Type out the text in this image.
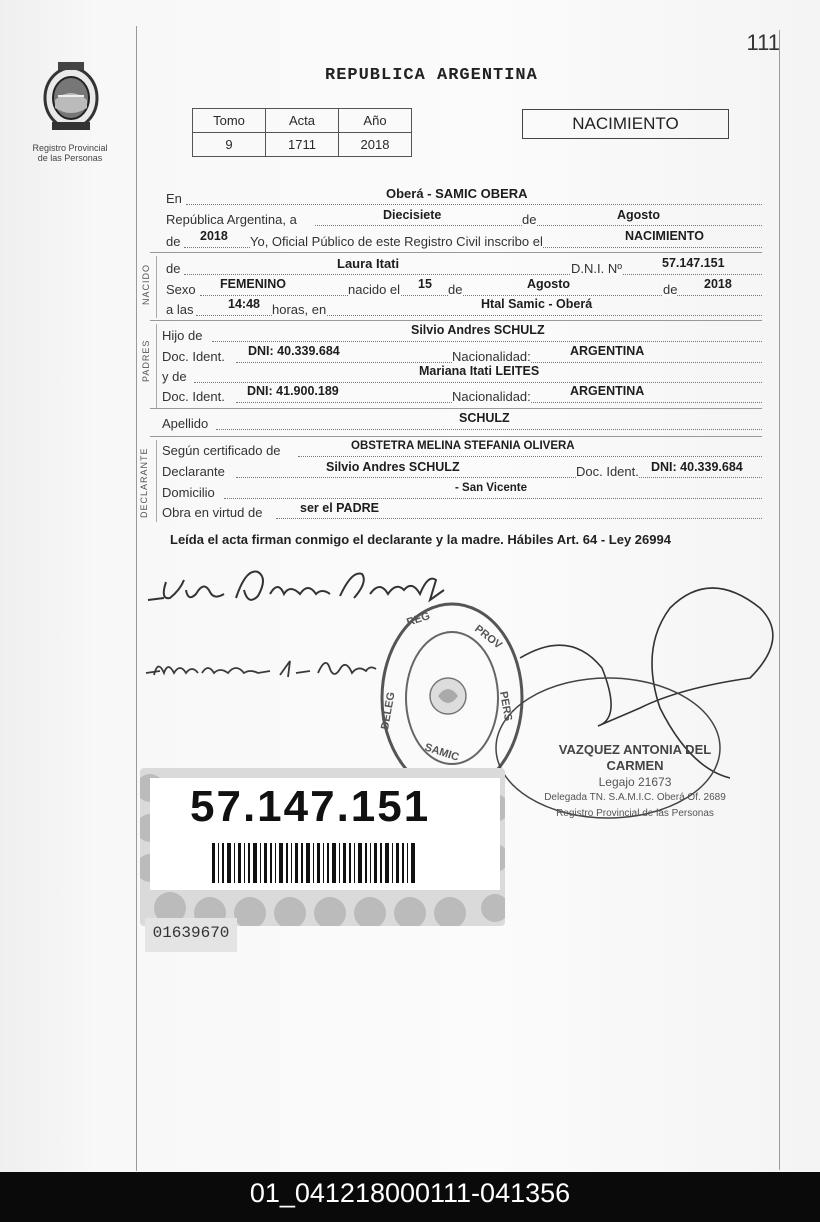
111
REPUBLICA ARGENTINA
Registro Provincial
de las Personas
Tomo	Acta	Año
9	1711	2018
NACIMIENTO
En	Oberá - SAMIC OBERA
República Argentina, a	Diecisiete	de	Agosto
de 2018 Yo, Oficial Público de este Registro Civil inscribo el	NACIMIENTO
NACIDO de	Laura Itati	D.N.I. Nº	57.147.151
Sexo FEMENINO	nacido el 15 de	Agosto	de 2018
a las	14:48 horas, en	Htal Samic - Oberá
PADRES
Hijo de	Silvio Andres SCHULZ
Doc. Ident. DNI: 40.339.684	Nacionalidad:	ARGENTINA
y de	Mariana Itati LEITES
Doc. Ident. DNI: 41.900.189	Nacionalidad:	ARGENTINA
Apellido	SCHULZ
DECLARANTE Según certificado de	OBSTETRA MELINA STEFANIA OLIVERA
Declarante	Silvio Andres SCHULZ	Doc. Ident. DNI: 40.339.684
Domicilio	- San Vicente
Obra en virtud de	ser el PADRE
Leída el acta firman conmigo el declarante y la madre. Hábiles Art. 64 - Ley 26994
REG
PROV
PERS
DELEG
SAMIC	VAZQUEZ ANTONIA DEL CARMEN
Legajo 21673
Delegada TN. S.A.M.I.C. Oberá Of. 2689
Registro Provincial de las Personas
57.147.151
01639670
01_041218000111-041356
